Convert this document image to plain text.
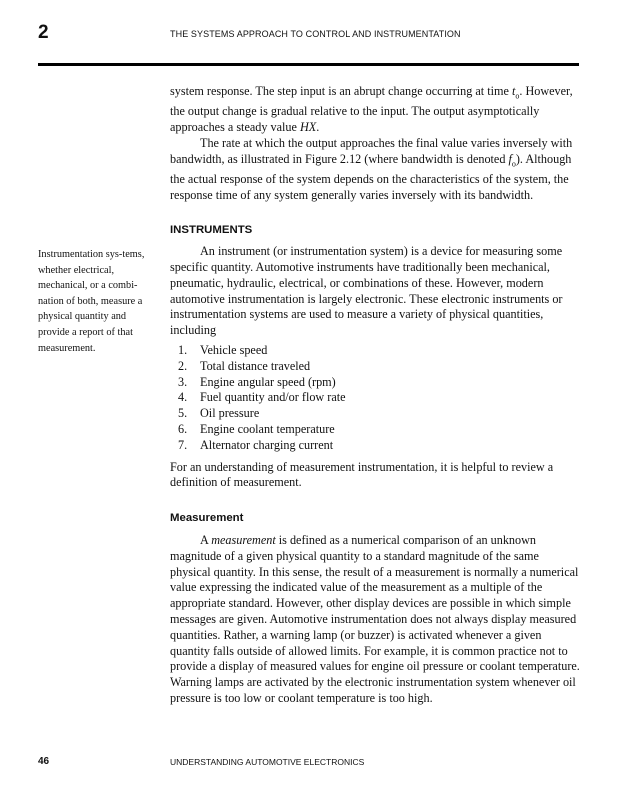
2	THE SYSTEMS APPROACH TO CONTROL AND INSTRUMENTATION

system response. The step input is an abrupt change occurring at time $t_o$. However, the output change is gradual relative to the input. The output asymptotically approaches a steady value HX.

The rate at which the output approaches the final value varies inversely with bandwidth, as illustrated in Figure 2.12 (where bandwidth is denoted $f_o$). Although the actual response of the system depends on the characteristics of the system, the response time of any system generally varies inversely with its bandwidth.

INSTRUMENTS

An instrument (or instrumentation system) is a device for measuring some specific quantity. Automotive instruments have traditionally been mechanical, pneumatic, hydraulic, electrical, or combinations of these. However, modern automotive instrumentation is largely electronic. These electronic instruments or instrumentation systems are used to measure a variety of physical quantities, including

1. Vehicle speed
2. Total distance traveled
3. Engine angular speed (rpm)
4. Fuel quantity and/or flow rate
5. Oil pressure
6. Engine coolant temperature
7. Alternator charging current

For an understanding of measurement instrumentation, it is helpful to review a definition of measurement.

Measurement

A measurement is defined as a numerical comparison of an unknown magnitude of a given physical quantity to a standard magnitude of the same physical quantity. In this sense, the result of a measurement is normally a numerical value expressing the indicated value of the measurement as a multiple of the appropriate standard. However, other display devices are possible in which simple messages are given. Automotive instrumentation does not always display measured quantities. Rather, a warning lamp (or buzzer) is activated whenever a given quantity falls outside of allowed limits. For example, it is common practice not to provide a display of measured values for engine oil pressure or coolant temperature. Warning lamps are activated by the electronic instrumentation system whenever oil pressure is too low or coolant temperature is too high.

Instrumentation sys-tems, whether electrical, mechanical, or a combi-nation of both, measure a physical quantity and provide a report of that measurement.

46	UNDERSTANDING AUTOMOTIVE ELECTRONICS
